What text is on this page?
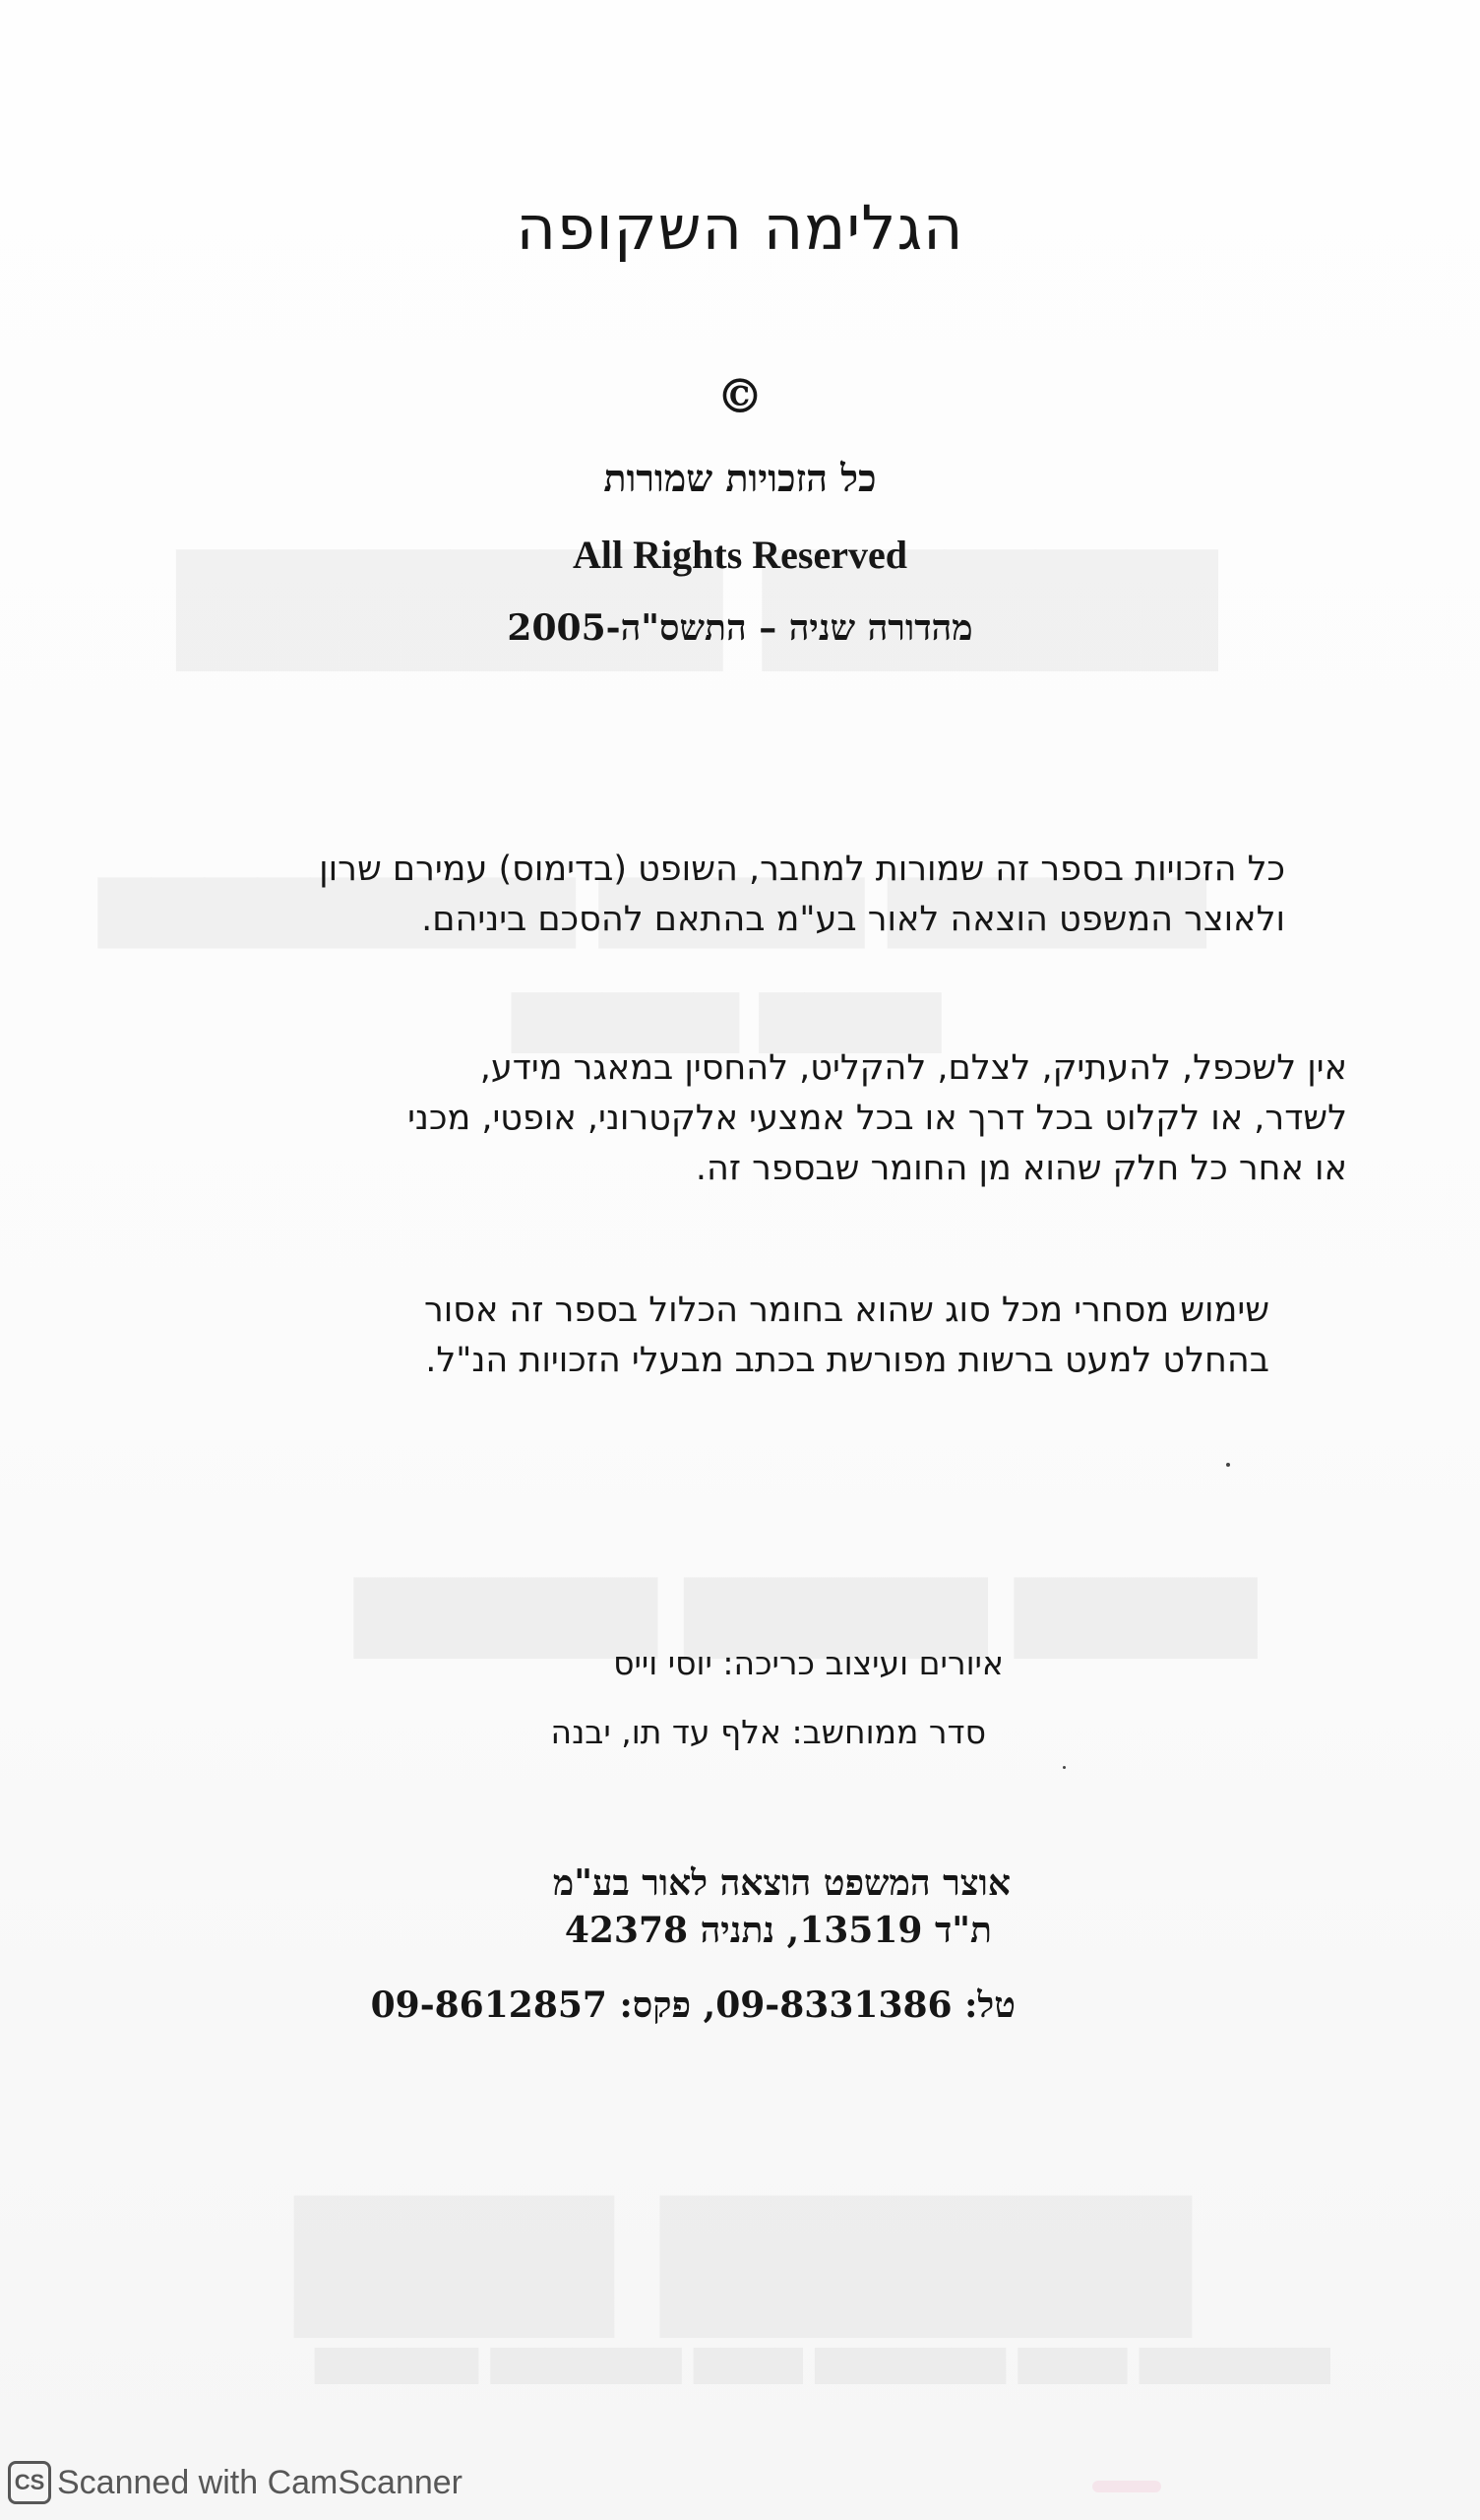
הגלימה השקופה
©
כל הזכויות שמורות
All Rights Reserved
מהדורה שניה – התשס"ה-2005
כל הזכויות בספר זה שמורות למחבר, השופט (בדימוס) עמירם שרון
ולאוצר המשפט הוצאה לאור בע"מ בהתאם להסכם ביניהם.
אין לשכפל, להעתיק, לצלם, להקליט, להחסין במאגר מידע,
לשדר, או לקלוט בכל דרך או בכל אמצעי אלקטרוני, אופטי, מכני
או אחר כל חלק שהוא מן החומר שבספר זה.
שימוש מסחרי מכל סוג שהוא בחומר הכלול בספר זה אסור
בהחלט למעט ברשות מפורשת בכתב מבעלי הזכויות הנ"ל.
איורים ועיצוב כריכה: יוסי וייס
סדר ממוחשב: אלף עד תו, יבנה
אוצר המשפט הוצאה לאור בע"מ
ת"ד 13519, נתניה 42378
טל: 09-8331386, פקס: 09-8612857
CS Scanned with CamScanner
